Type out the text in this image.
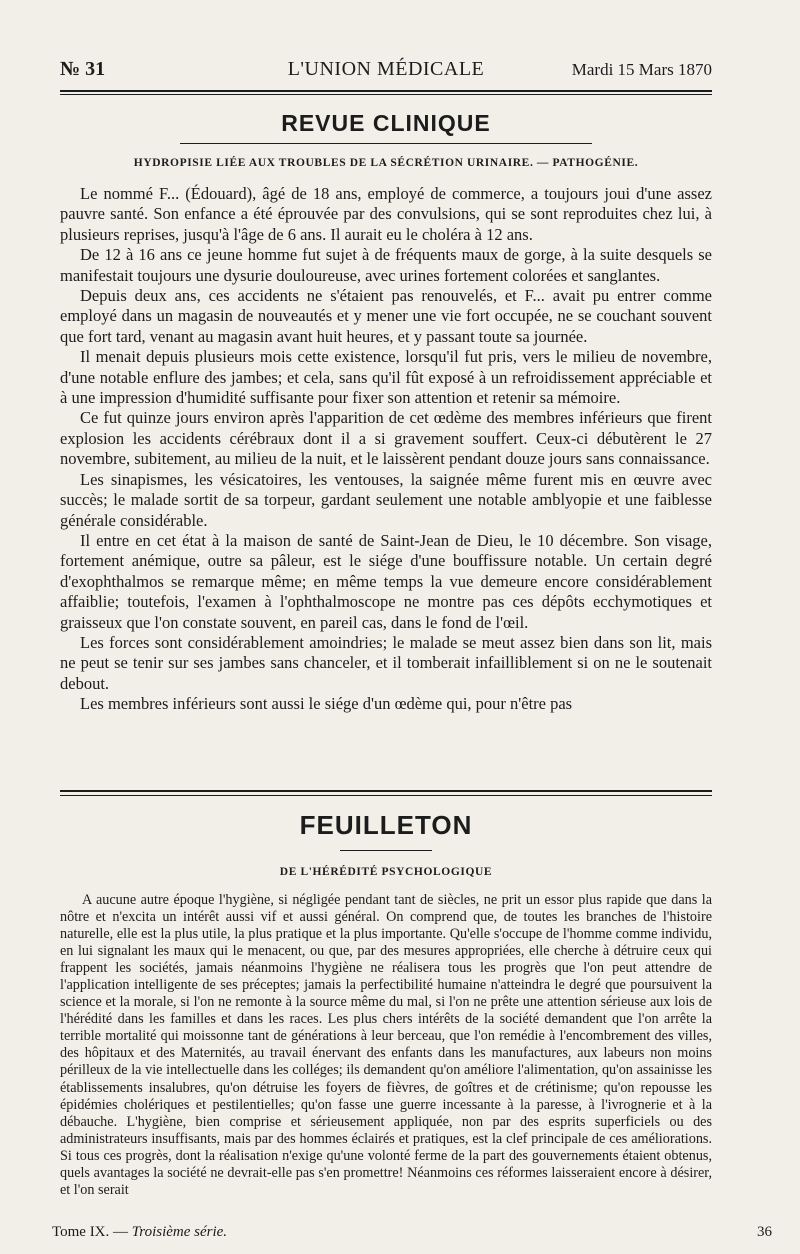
№ 31	L'UNION MÉDICALE	Mardi 15 Mars 1870
REVUE CLINIQUE
HYDROPISIE LIÉE AUX TROUBLES DE LA SÉCRÉTION URINAIRE. — PATHOGÉNIE.

Le nommé F... (Édouard), âgé de 18 ans, employé de commerce, a toujours joui d'une assez pauvre santé. Son enfance a été éprouvée par des convulsions, qui se sont reproduites chez lui, à plusieurs reprises, jusqu'à l'âge de 6 ans. Il aurait eu le choléra à 12 ans.

De 12 à 16 ans ce jeune homme fut sujet à de fréquents maux de gorge, à la suite desquels se manifestait toujours une dysurie douloureuse, avec urines fortement colorées et sanglantes.

Depuis deux ans, ces accidents ne s'étaient pas renouvelés, et F... avait pu entrer comme employé dans un magasin de nouveautés et y mener une vie fort occupée, ne se couchant souvent que fort tard, venant au magasin avant huit heures, et y passant toute sa journée.

Il menait depuis plusieurs mois cette existence, lorsqu'il fut pris, vers le milieu de novembre, d'une notable enflure des jambes; et cela, sans qu'il fût exposé à un refroidissement appréciable et à une impression d'humidité suffisante pour fixer son attention et retenir sa mémoire.

Ce fut quinze jours environ après l'apparition de cet œdème des membres inférieurs que firent explosion les accidents cérébraux dont il a si gravement souffert. Ceux-ci débutèrent le 27 novembre, subitement, au milieu de la nuit, et le laissèrent pendant douze jours sans connaissance.

Les sinapismes, les vésicatoires, les ventouses, la saignée même furent mis en œuvre avec succès; le malade sortit de sa torpeur, gardant seulement une notable amblyopie et une faiblesse générale considérable.

Il entre en cet état à la maison de santé de Saint-Jean de Dieu, le 10 décembre. Son visage, fortement anémique, outre sa pâleur, est le siége d'une bouffissure notable. Un certain degré d'exophthalmos se remarque même; en même temps la vue demeure encore considérablement affaiblie; toutefois, l'examen à l'ophthalmoscope ne montre pas ces dépôts ecchymotiques et graisseux que l'on constate souvent, en pareil cas, dans le fond de l'œil.

Les forces sont considérablement amoindries; le malade se meut assez bien dans son lit, mais ne peut se tenir sur ses jambes sans chanceler, et il tomberait infailliblement si on ne le soutenait debout.

Les membres inférieurs sont aussi le siége d'un œdème qui, pour n'être pas

FEUILLETON
DE L'HÉRÉDITÉ PSYCHOLOGIQUE

A aucune autre époque l'hygiène, si négligée pendant tant de siècles, ne prit un essor plus rapide que dans la nôtre et n'excita un intérêt aussi vif et aussi général. On comprend que, de toutes les branches de l'histoire naturelle, elle est la plus utile, la plus pratique et la plus importante. Qu'elle s'occupe de l'homme comme individu, en lui signalant les maux qui le menacent, ou que, par des mesures appropriées, elle cherche à détruire ceux qui frappent les sociétés, jamais néanmoins l'hygiène ne réalisera tous les progrès que l'on peut attendre de l'application intelligente de ses préceptes; jamais la perfectibilité humaine n'atteindra le degré que poursuivent la science et la morale, si l'on ne remonte à la source même du mal, si l'on ne prête une attention sérieuse aux lois de l'hérédité dans les familles et dans les races. Les plus chers intérêts de la société demandent que l'on arrête la terrible mortalité qui moissonne tant de générations à leur berceau, que l'on remédie à l'encombrement des villes, des hôpitaux et des Maternités, au travail énervant des enfants dans les manufactures, aux labeurs non moins périlleux de la vie intellectuelle dans les colléges; ils demandent qu'on améliore l'alimentation, qu'on assainisse les établissements insalubres, qu'on détruise les foyers de fièvres, de goîtres et de crétinisme; qu'on repousse les épidémies cholériques et pestilentielles; qu'on fasse une guerre incessante à la paresse, à l'ivrognerie et à la débauche. L'hygiène, bien comprise et sérieusement appliquée, non par des esprits superficiels ou des administrateurs insuffisants, mais par des hommes éclairés et pratiques, est la clef principale de ces améliorations. Si tous ces progrès, dont la réalisation n'exige qu'une volonté ferme de la part des gouvernements étaient obtenus, quels avantages la société ne devrait-elle pas s'en promettre! Néanmoins ces réformes laisseraient encore à désirer, et l'on serait

Tome IX. — Troisième série.	36
